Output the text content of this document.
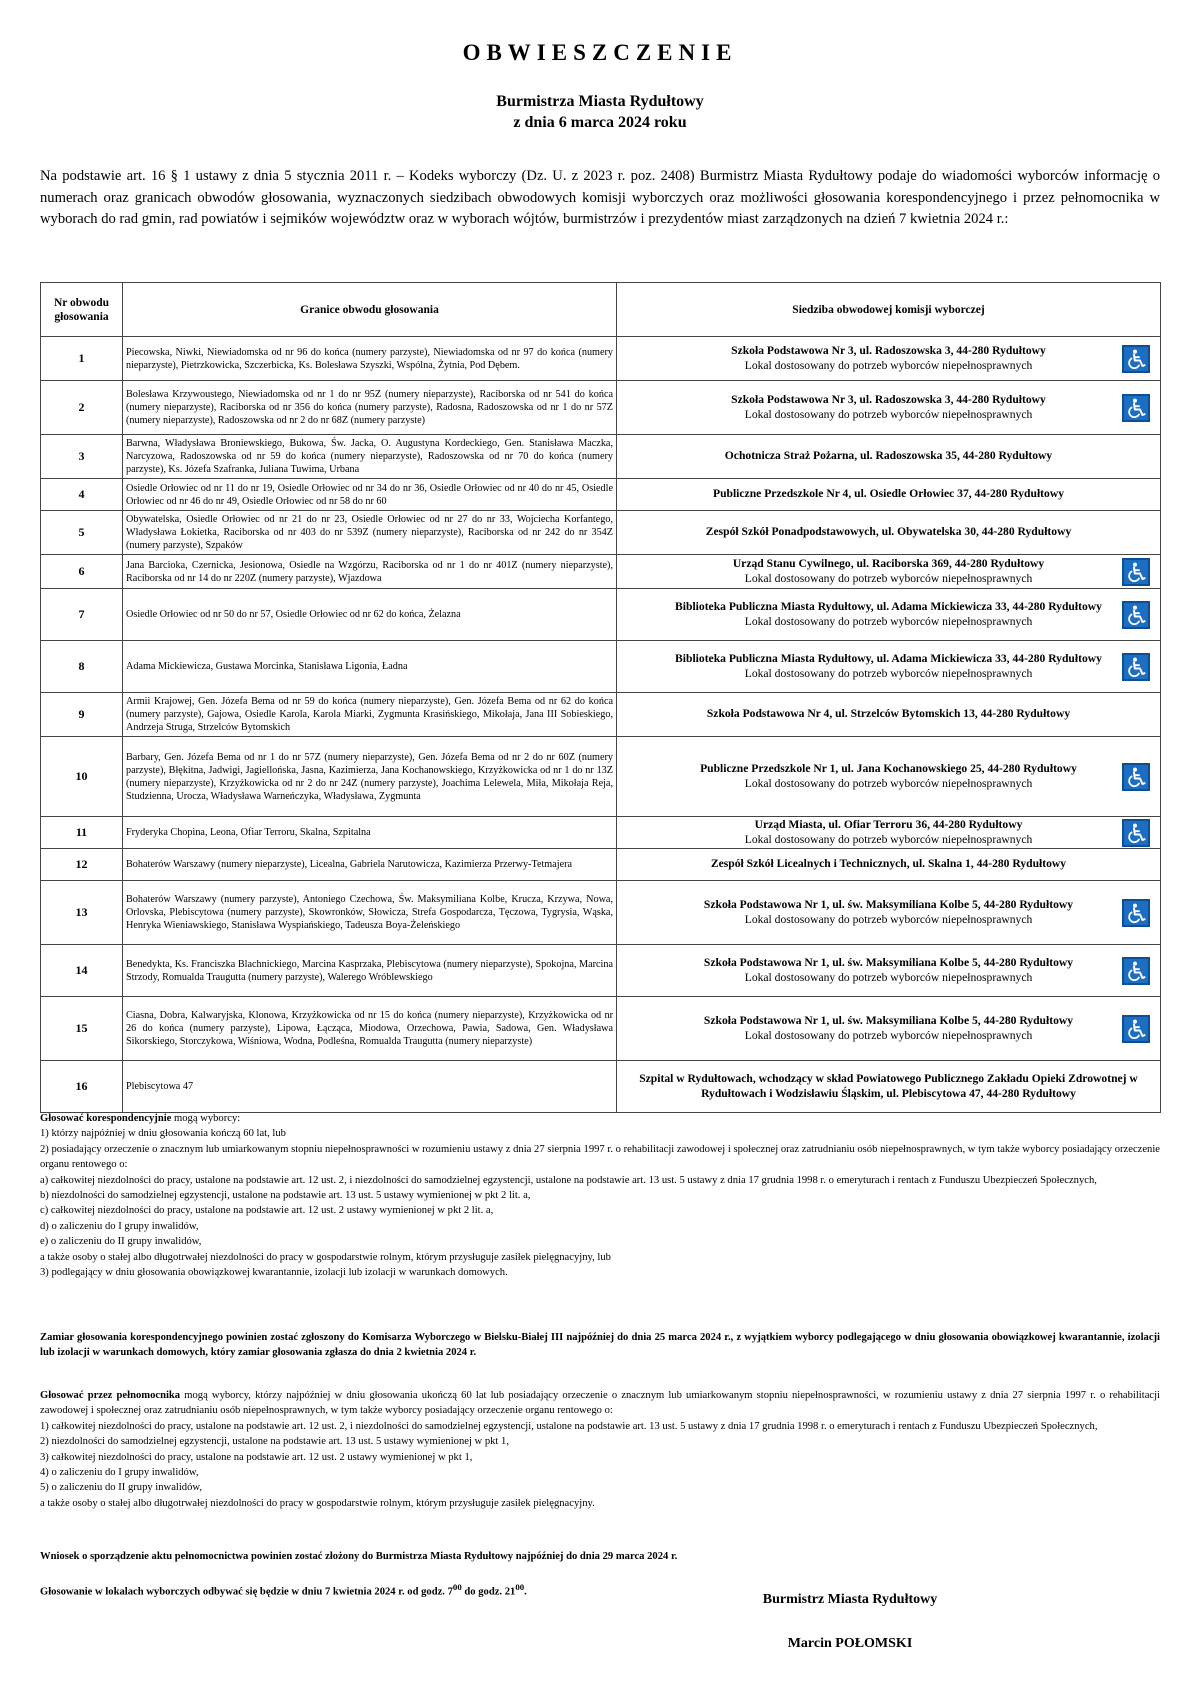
OBWIESZCZENIE
Burmistrza Miasta Rydułtowy
z dnia 6 marca 2024 roku
Na podstawie art. 16 § 1 ustawy z dnia 5 stycznia 2011 r. – Kodeks wyborczy (Dz. U. z 2023 r. poz. 2408) Burmistrz Miasta Rydułtowy podaje do wiadomości wyborców informację o numerach oraz granicach obwodów głosowania, wyznaczonych siedzibach obwodowych komisji wyborczych oraz możliwości głosowania korespondencyjnego i przez pełnomocnika w wyborach do rad gmin, rad powiatów i sejmików województw oraz w wyborach wójtów, burmistrzów i prezydentów miast zarządzonych na dzień 7 kwietnia 2024 r.:
Nr obwodu głosowania	Granice obwodu głosowania	Siedziba obwodowej komisji wyborczej
1	Piecowska, Niwki, Niewiadomska od nr 96 do końca (numery parzyste), Niewiadomska od nr 97 do końca (numery nieparzyste), Pietrzkowicka, Szczerbicka, Ks. Bolesława Szyszki, Wspólna, Żytnia, Pod Dębem.	Szkoła Podstawowa Nr 3, ul. Radoszowska 3, 44-280 Rydułtowy
Lokal dostosowany do potrzeb wyborców niepełnosprawnych

2	Bolesława Krzywoustego, Niewiadomska od nr 1 do nr 95Z (numery nieparzyste), Raciborska od nr 541 do końca (numery nieparzyste), Raciborska od nr 356 do końca (numery parzyste), Radosna, Radoszowska od nr 1 do nr 57Z (numery nieparzyste), Radoszowska od nr 2 do nr 68Z (numery parzyste)	Szkoła Podstawowa Nr 3, ul. Radoszowska 3, 44-280 Rydułtowy
Lokal dostosowany do potrzeb wyborców niepełnosprawnych

3	Barwna, Władysława Broniewskiego, Bukowa, Św. Jacka, O. Augustyna Kordeckiego, Gen. Stanisława Maczka, Narcyzowa, Radoszowska od nr 59 do końca (numery nieparzyste), Radoszowska od nr 70 do końca (numery parzyste), Ks. Józefa Szafranka, Juliana Tuwima, Urbana	Ochotnicza Straż Pożarna, ul. Radoszowska 35, 44-280 Rydułtowy

4	Osiedle Orłowiec od nr 11 do nr 19, Osiedle Orłowiec od nr 34 do nr 36, Osiedle Orłowiec od nr 40 do nr 45, Osiedle Orłowiec od nr 46 do nr 49, Osiedle Orłowiec od nr 58 do nr 60	Publiczne Przedszkole Nr 4, ul. Osiedle Orłowiec 37, 44-280 Rydułtowy

5	Obywatelska, Osiedle Orłowiec od nr 21 do nr 23, Osiedle Orłowiec od nr 27 do nr 33, Wojciecha Korfantego, Władysława Łokietka, Raciborska od nr 403 do nr 539Z (numery nieparzyste), Raciborska od nr 242 do nr 354Z (numery parzyste), Szpaków	Zespół Szkół Ponadpodstawowych, ul. Obywatelska 30, 44-280 Rydułtowy

6	Jana Barcioka, Czernicka, Jesionowa, Osiedle na Wzgórzu, Raciborska od nr 1 do nr 401Z (numery nieparzyste), Raciborska od nr 14 do nr 220Z (numery parzyste), Wjazdowa	Urząd Stanu Cywilnego, ul. Raciborska 369, 44-280 Rydułtowy
Lokal dostosowany do potrzeb wyborców niepełnosprawnych

7	Osiedle Orłowiec od nr 50 do nr 57, Osiedle Orłowiec od nr 62 do końca, Żelazna	Biblioteka Publiczna Miasta Rydułtowy, ul. Adama Mickiewicza 33, 44-280 Rydułtowy
Lokal dostosowany do potrzeb wyborców niepełnosprawnych

8	Adama Mickiewicza, Gustawa Morcinka, Stanisława Ligonia, Ładna	Biblioteka Publiczna Miasta Rydułtowy, ul. Adama Mickiewicza 33, 44-280 Rydułtowy
Lokal dostosowany do potrzeb wyborców niepełnosprawnych

9	Armii Krajowej, Gen. Józefa Bema od nr 59 do końca (numery nieparzyste), Gen. Józefa Bema od nr 62 do końca (numery parzyste), Gajowa, Osiedle Karola, Karola Miarki, Zygmunta Krasińskiego, Mikołaja, Jana III Sobieskiego, Andrzeja Struga, Strzelców Bytomskich	Szkoła Podstawowa Nr 4, ul. Strzelców Bytomskich 13, 44-280 Rydułtowy

10	Barbary, Gen. Józefa Bema od nr 1 do nr 57Z (numery nieparzyste), Gen. Józefa Bema od nr 2 do nr 60Z (numery parzyste), Błękitna, Jadwigi, Jagiellońska, Jasna, Kazimierza, Jana Kochanowskiego, Krzyżkowicka od nr 1 do nr 13Z (numery nieparzyste), Krzyżkowicka od nr 2 do nr 24Z (numery parzyste), Joachima Lelewela, Miła, Mikołaja Reja, Studzienna, Urocza, Władysława Warneńczyka, Władysława, Zygmunta	Publiczne Przedszkole Nr 1, ul. Jana Kochanowskiego 25, 44-280 Rydułtowy
Lokal dostosowany do potrzeb wyborców niepełnosprawnych

11	Fryderyka Chopina, Leona, Ofiar Terroru, Skalna, Szpitalna	Urząd Miasta, ul. Ofiar Terroru 36, 44-280 Rydułtowy
Lokal dostosowany do potrzeb wyborców niepełnosprawnych

12	Bohaterów Warszawy (numery nieparzyste), Licealna, Gabriela Narutowicza, Kazimierza Przerwy-Tetmajera	Zespół Szkół Licealnych i Technicznych, ul. Skalna 1, 44-280 Rydułtowy

13	Bohaterów Warszawy (numery parzyste), Antoniego Czechowa, Św. Maksymiliana Kolbe, Krucza, Krzywa, Nowa, Orlovska, Plebiscytowa (numery parzyste), Skowronków, Słowicza, Strefa Gospodarcza, Tęczowa, Tygrysia, Wąska, Henryka Wieniawskiego, Stanisława Wyspiańskiego, Tadeusza Boya-Żeleńskiego	Szkoła Podstawowa Nr 1, ul. św. Maksymiliana Kolbe 5, 44-280 Rydułtowy
Lokal dostosowany do potrzeb wyborców niepełnosprawnych

14	Benedykta, Ks. Franciszka Blachnickiego, Marcina Kasprzaka, Plebiscytowa (numery nieparzyste), Spokojna, Marcina Strzody, Romualda Traugutta (numery parzyste), Walerego Wróblewskiego	Szkoła Podstawowa Nr 1, ul. św. Maksymiliana Kolbe 5, 44-280 Rydułtowy
Lokal dostosowany do potrzeb wyborców niepełnosprawnych

15	Ciasna, Dobra, Kalwaryjska, Klonowa, Krzyżkowicka od nr 15 do końca (numery nieparzyste), Krzyżkowicka od nr 26 do końca (numery parzyste), Lipowa, Łącząca, Miodowa, Orzechowa, Pawia, Sadowa, Gen. Władysława Sikorskiego, Storczykowa, Wiśniowa, Wodna, Podleśna, Romualda Traugutta (numery nieparzyste)	Szkoła Podstawowa Nr 1, ul. św. Maksymiliana Kolbe 5, 44-280 Rydułtowy
Lokal dostosowany do potrzeb wyborców niepełnosprawnych

16	Plebiscytowa 47	Szpital w Rydułtowach, wchodzący w skład Powiatowego Publicznego Zakładu Opieki Zdrowotnej w Rydułtowach i Wodzisławiu Śląskim, ul. Plebiscytowa 47, 44-280 Rydułtowy

Głosować korespondencyjnie mogą wyborcy:

1) którzy najpóźniej w dniu głosowania kończą 60 lat, lub

2) posiadający orzeczenie o znacznym lub umiarkowanym stopniu niepełnosprawności w rozumieniu ustawy z dnia 27 sierpnia 1997 r. o rehabilitacji zawodowej i społecznej oraz zatrudnianiu osób niepełnosprawnych, w tym także wyborcy posiadający orzeczenie organu rentowego o:

a) całkowitej niezdolności do pracy, ustalone na podstawie art. 12 ust. 2, i niezdolności do samodzielnej egzystencji, ustalone na podstawie art. 13 ust. 5 ustawy z dnia 17 grudnia 1998 r. o emeryturach i rentach z Funduszu Ubezpieczeń Społecznych,

b) niezdolności do samodzielnej egzystencji, ustalone na podstawie art. 13 ust. 5 ustawy wymienionej w pkt 2 lit. a,

c) całkowitej niezdolności do pracy, ustalone na podstawie art. 12 ust. 2 ustawy wymienionej w pkt 2 lit. a,

d) o zaliczeniu do I grupy inwalidów,

e) o zaliczeniu do II grupy inwalidów,

a także osoby o stałej albo długotrwałej niezdolności do pracy w gospodarstwie rolnym, którym przysługuje zasiłek pielęgnacyjny, lub

3) podlegający w dniu głosowania obowiązkowej kwarantannie, izolacji lub izolacji w warunkach domowych.

Zamiar głosowania korespondencyjnego powinien zostać zgłoszony do Komisarza Wyborczego w Bielsku-Białej III najpóźniej do dnia 25 marca 2024 r., z wyjątkiem wyborcy podlegającego w dniu głosowania obowiązkowej kwarantannie, izolacji lub izolacji w warunkach domowych, który zamiar głosowania zgłasza do dnia 2 kwietnia 2024 r.

Głosować przez pełnomocnika mogą wyborcy, którzy najpóźniej w dniu głosowania ukończą 60 lat lub posiadający orzeczenie o znacznym lub umiarkowanym stopniu niepełnosprawności, w rozumieniu ustawy z dnia 27 sierpnia 1997 r. o rehabilitacji zawodowej i społecznej oraz zatrudnianiu osób niepełnosprawnych, w tym także wyborcy posiadający orzeczenie organu rentowego o:

1) całkowitej niezdolności do pracy, ustalone na podstawie art. 12 ust. 2, i niezdolności do samodzielnej egzystencji, ustalone na podstawie art. 13 ust. 5 ustawy z dnia 17 grudnia 1998 r. o emeryturach i rentach z Funduszu Ubezpieczeń Społecznych,

2) niezdolności do samodzielnej egzystencji, ustalone na podstawie art. 13 ust. 5 ustawy wymienionej w pkt 1,

3) całkowitej niezdolności do pracy, ustalone na podstawie art. 12 ust. 2 ustawy wymienionej w pkt 1,

4) o zaliczeniu do I grupy inwalidów,

5) o zaliczeniu do II grupy inwalidów,

a także osoby o stałej albo długotrwałej niezdolności do pracy w gospodarstwie rolnym, którym przysługuje zasiłek pielęgnacyjny.

Wniosek o sporządzenie aktu pełnomocnictwa powinien zostać złożony do Burmistrza Miasta Rydułtowy najpóźniej do dnia 29 marca 2024 r.

Głosowanie w lokalach wyborczych odbywać się będzie w dniu 7 kwietnia 2024 r. od godz. $7^{00}$ do godz. $21^{00}$.	Burmistrz Miasta Rydułtowy
Marcin POŁOMSKI
